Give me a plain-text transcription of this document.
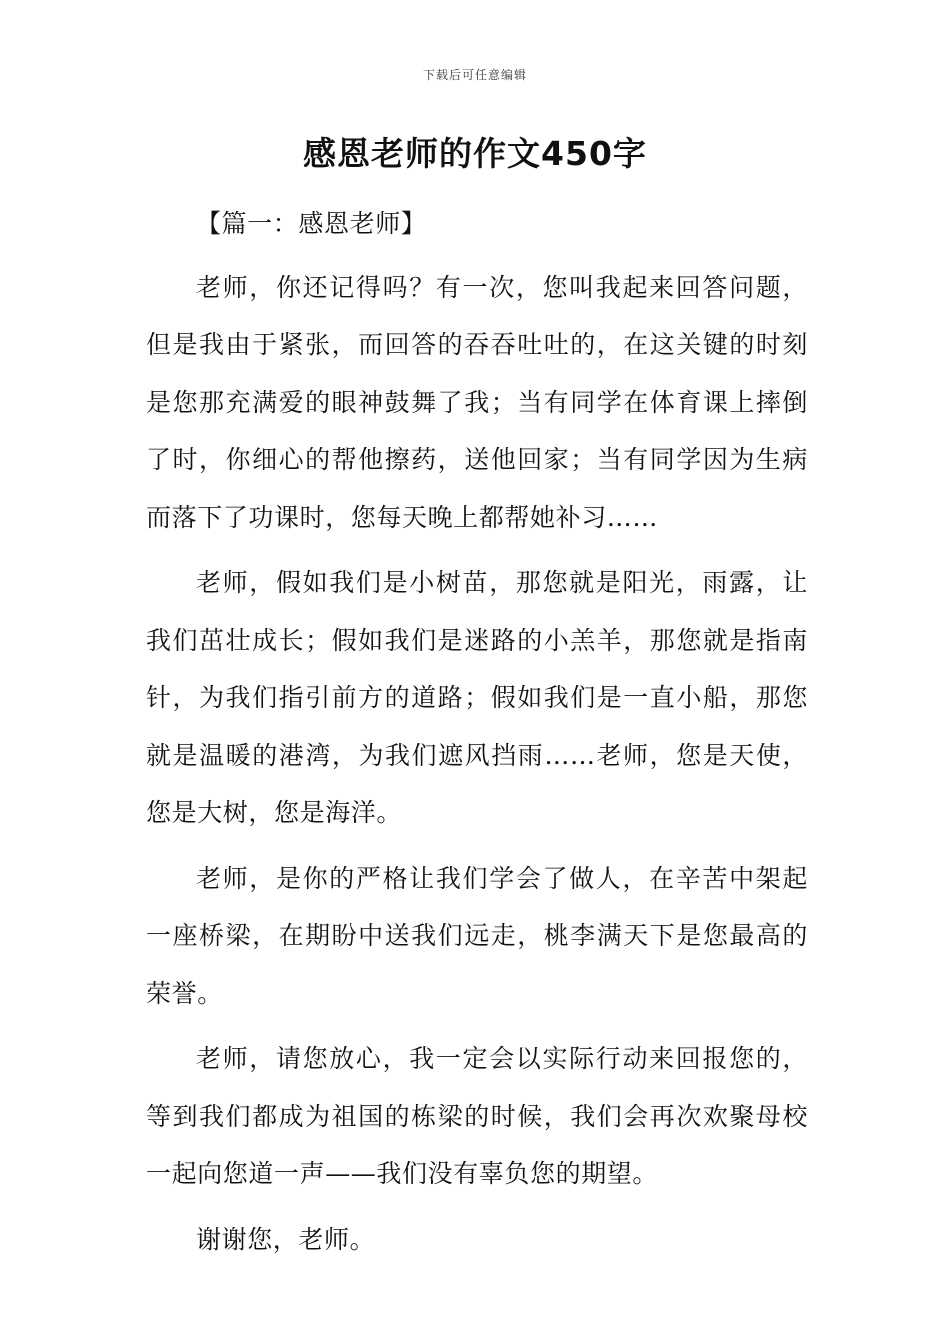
下载后可任意编辑
感恩老师的作文450字

【篇一：感恩老师】

老师，你还记得吗？有一次，您叫我起来回答问题，但是我由于紧张，而回答的吞吞吐吐的，在这关键的时刻是您那充满爱的眼神鼓舞了我；当有同学在体育课上摔倒了时，你细心的帮他擦药，送他回家；当有同学因为生病而落下了功课时，您每天晚上都帮她补习……

老师，假如我们是小树苗，那您就是阳光，雨露，让我们茁壮成长；假如我们是迷路的小羔羊，那您就是指南针，为我们指引前方的道路；假如我们是一直小船，那您就是温暖的港湾，为我们遮风挡雨……老师，您是天使，您是大树，您是海洋。

老师，是你的严格让我们学会了做人，在辛苦中架起一座桥梁，在期盼中送我们远走，桃李满天下是您最高的荣誉。

老师，请您放心，我一定会以实际行动来回报您的，等到我们都成为祖国的栋梁的时候，我们会再次欢聚母校一起向您道一声——我们没有辜负您的期望。

谢谢您，老师。
